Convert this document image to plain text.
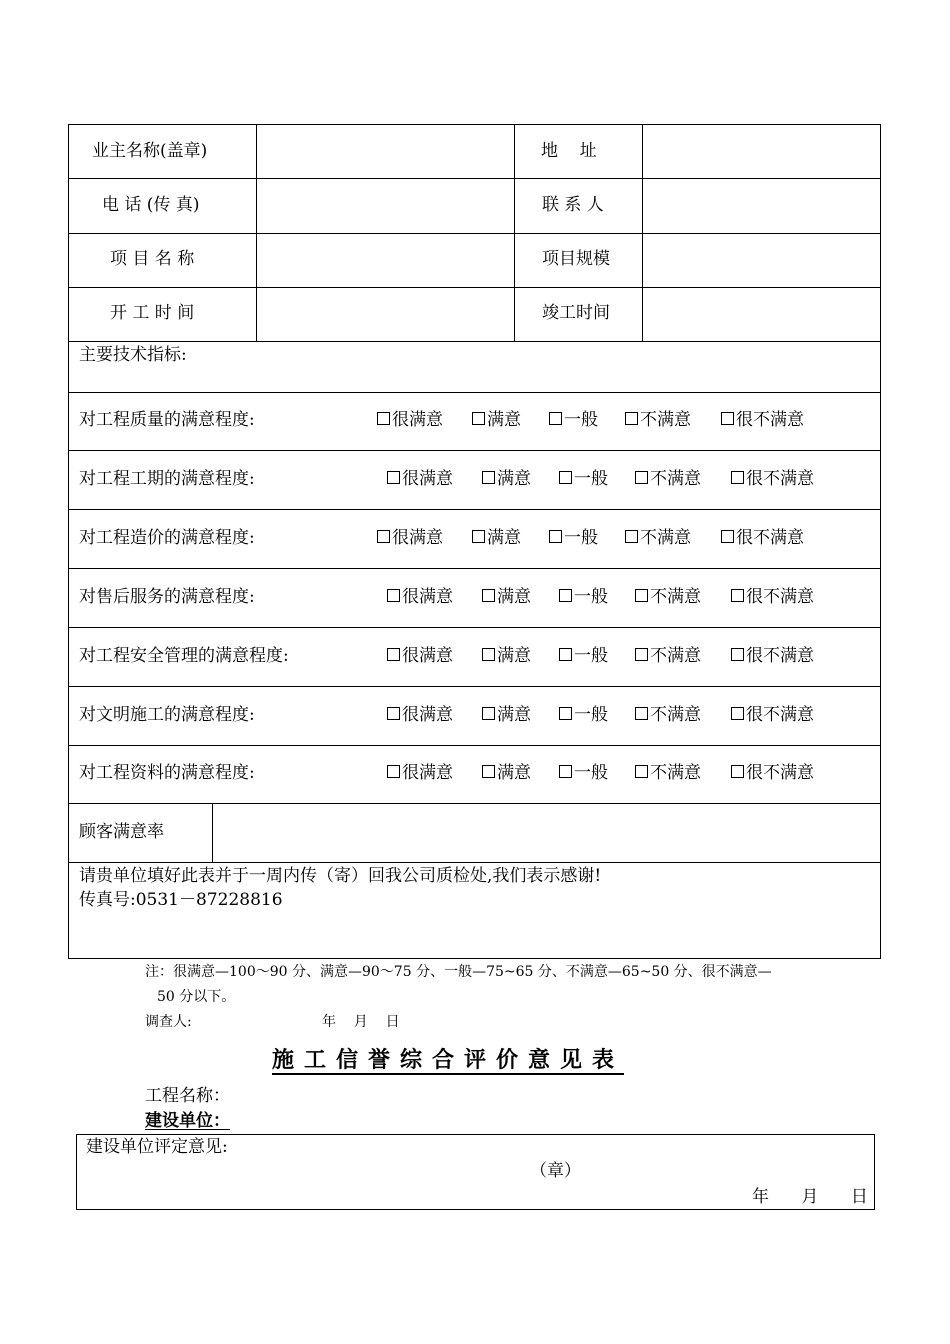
业主名称(盖章)	地    址
电 话 (传 真)	联 系 人
项 目 名 称	项目规模
开 工 时 间	竣工时间
主要技术指标:
对工程质量的满意程度:	很满意	满意	一般	不满意	很不满意
对工程工期的满意程度:	很满意	满意	一般	不满意	很不满意
对工程造价的满意程度:	很满意	满意	一般	不满意	很不满意
对售后服务的满意程度:	很满意	满意	一般	不满意	很不满意
对工程安全管理的满意程度:	很满意	满意	一般	不满意	很不满意
对文明施工的满意程度:	很满意	满意	一般	不满意	很不满意
对工程资料的满意程度:	很满意	满意	一般	不满意	很不满意
顾客满意率
请贵单位填好此表并于一周内传（寄）回我公司质检处,我们表示感谢!
传真号:0531－87228816
注：很满意—100～90 分、满意—90～75 分、一般—75~65 分、不满意—65~50 分、很不满意—
50 分以下。
调查人:	年    月    日
施工信誉综合评价意见表
工程名称：
建设单位：
建设单位评定意见:
（章）
年      月      日
